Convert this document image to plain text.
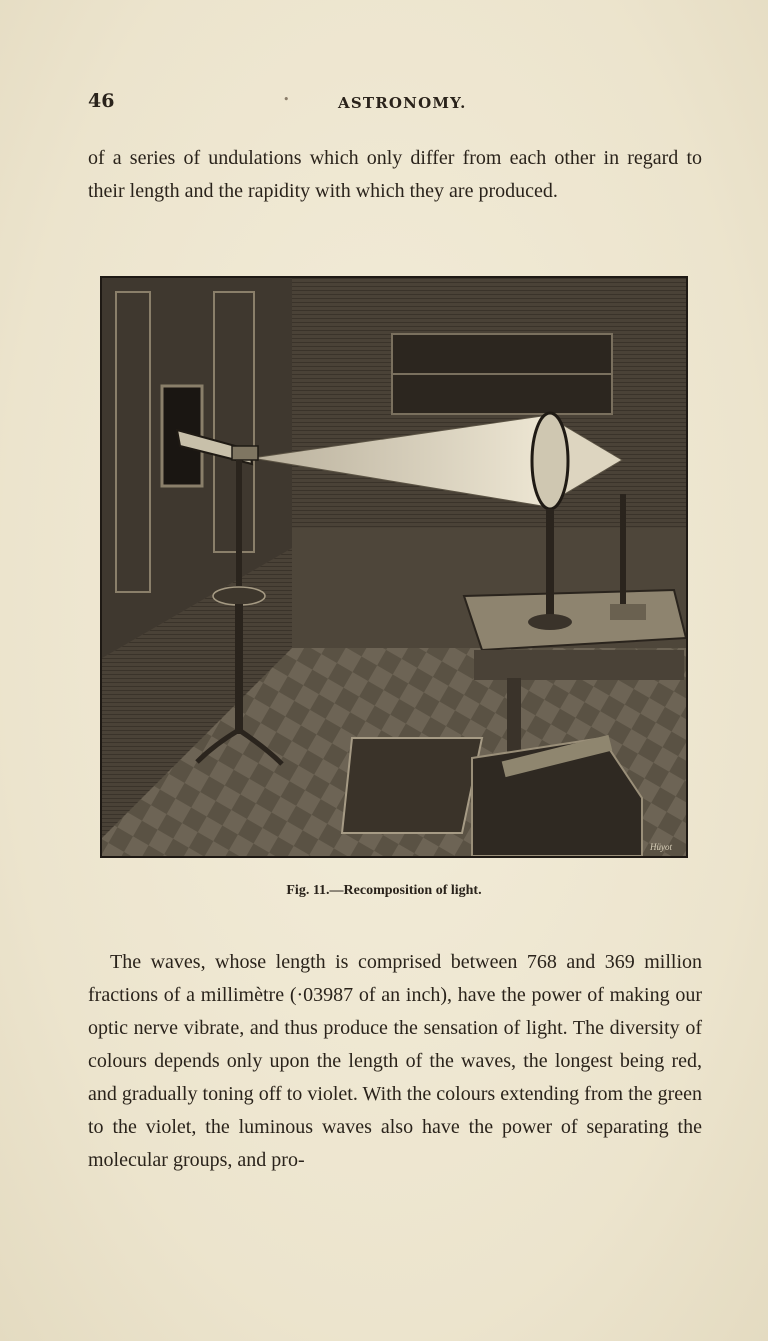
46	•	ASTRONOMY.
of a series of undulations which only differ from each other in regard to their length and the rapidity with which they are produced.
Hüyot
Fig. 11.—Recomposition of light.
The waves, whose length is comprised between 768 and 369 million fractions of a millimètre (·03987 of an inch), have the power of making our optic nerve vibrate, and thus produce the sensation of light. The diversity of colours depends only upon the length of the waves, the longest being red, and gradually toning off to violet. With the colours extending from the green to the violet, the luminous waves also have the power of separating the molecular groups, and pro-
